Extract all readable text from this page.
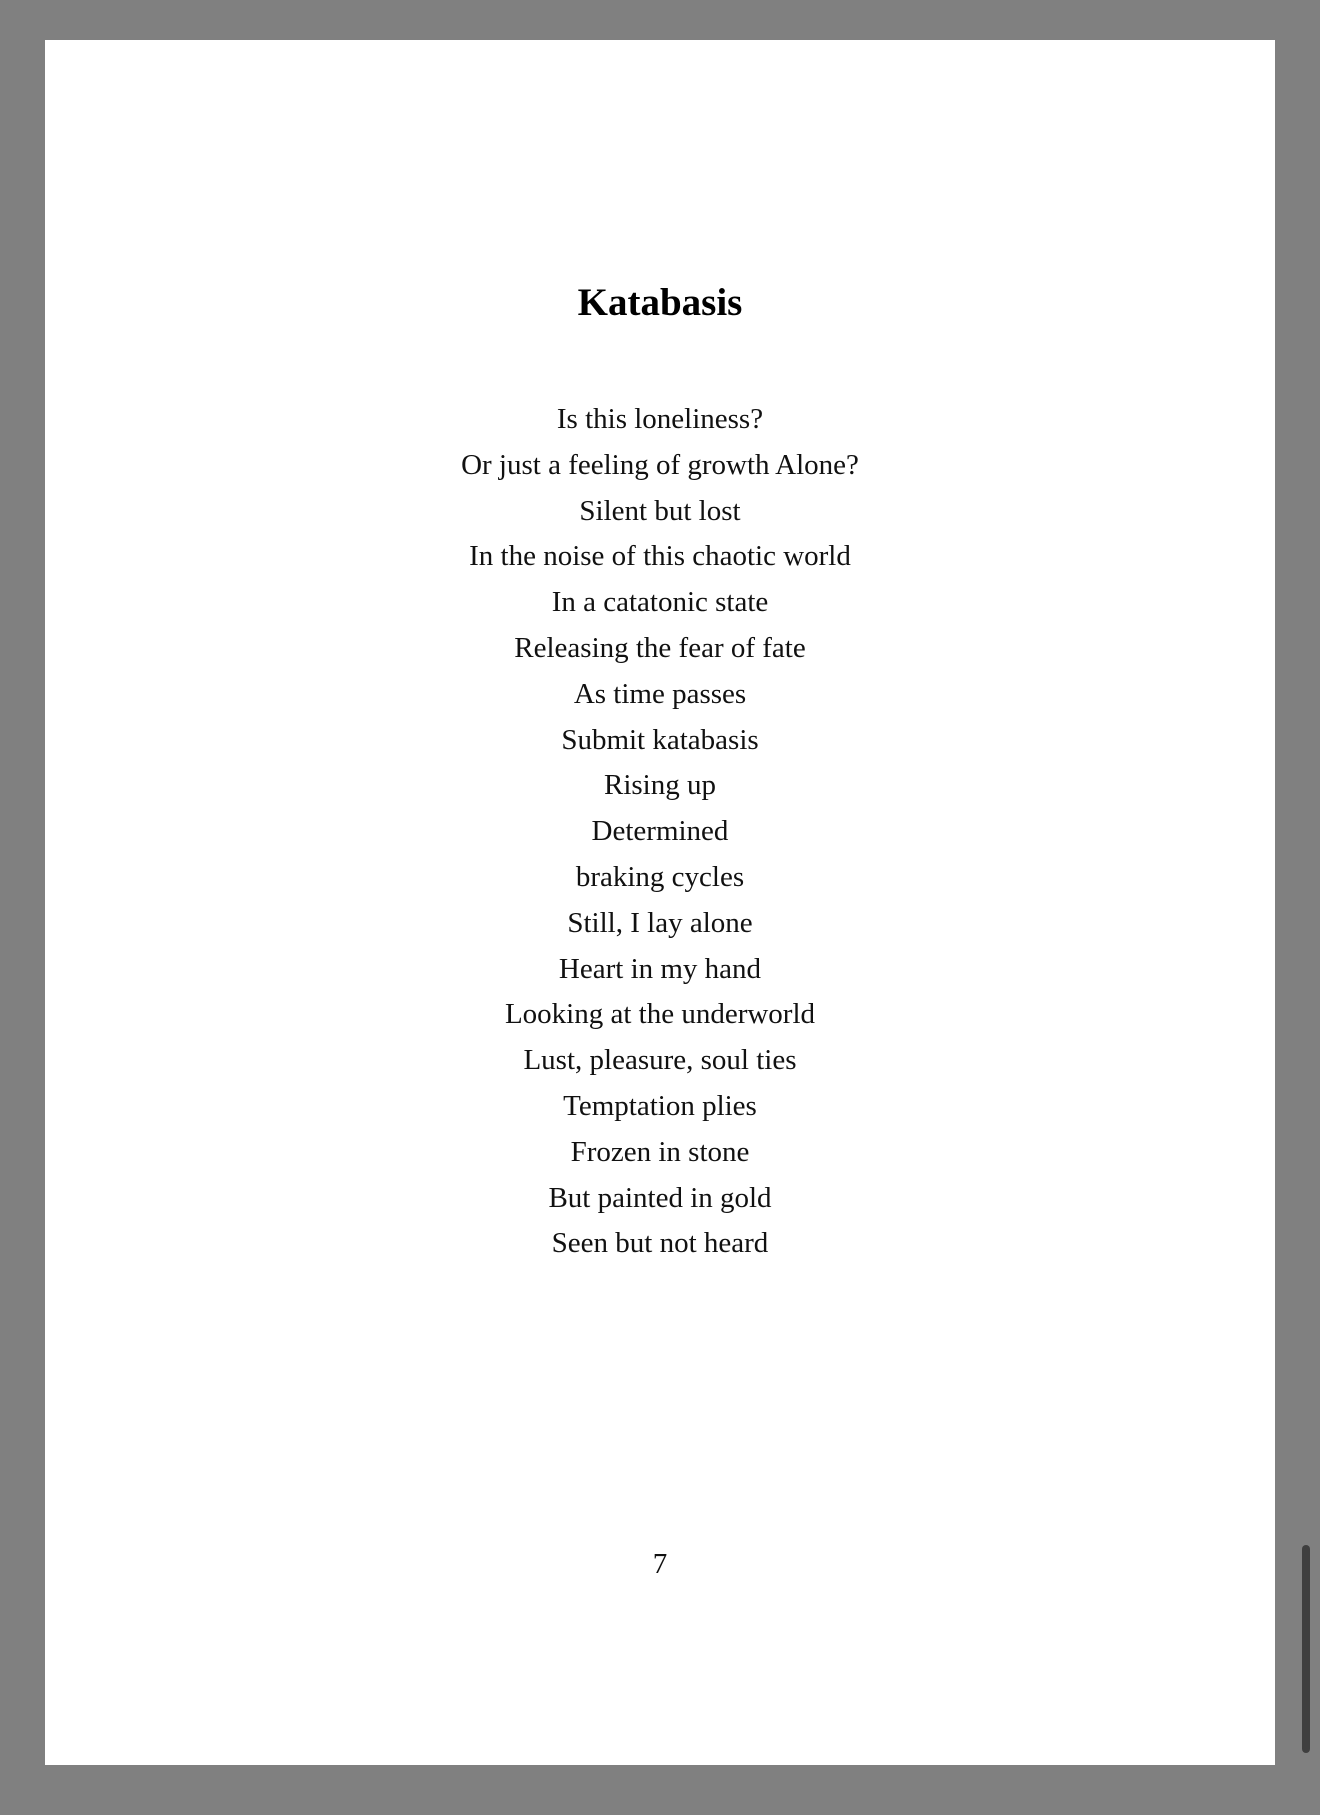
Katabasis
Is this loneliness?
Or just a feeling of growth Alone?
Silent but lost
In the noise of this chaotic world
In a catatonic state
Releasing the fear of fate
As time passes
Submit katabasis
Rising up
Determined
braking cycles
Still, I lay alone
Heart in my hand
Looking at the underworld
Lust, pleasure, soul ties
Temptation plies
Frozen in stone
But painted in gold
Seen but not heard
7
